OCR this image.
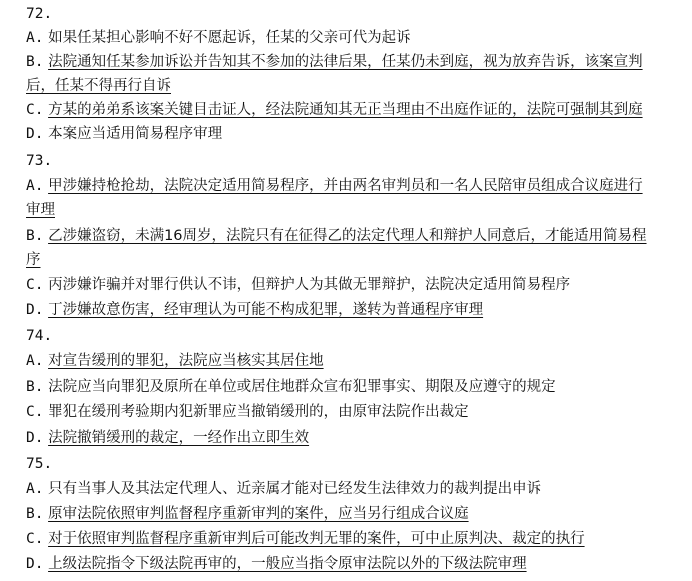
72.
A. 如果任某担心影响不好不愿起诉，任某的父亲可代为起诉
B. 法院通知任某参加诉讼并告知其不参加的法律后果，任某仍未到庭，视为放弃告诉，该案宣判
后，任某不得再行自诉
C. 方某的弟弟系该案关键目击证人，经法院通知其无正当理由不出庭作证的，法院可强制其到庭
D. 本案应当适用简易程序审理
73.
A. 甲涉嫌持枪抢劫，法院决定适用简易程序，并由两名审判员和一名人民陪审员组成合议庭进行
审理
B. 乙涉嫌盗窃，未满16周岁，法院只有在征得乙的法定代理人和辩护人同意后，才能适用简易程
序
C. 丙涉嫌诈骗并对罪行供认不讳，但辩护人为其做无罪辩护，法院决定适用简易程序
D. 丁涉嫌故意伤害，经审理认为可能不构成犯罪，遂转为普通程序审理
74.
A. 对宣告缓刑的罪犯，法院应当核实其居住地
B. 法院应当向罪犯及原所在单位或居住地群众宣布犯罪事实、期限及应遵守的规定
C. 罪犯在缓刑考验期内犯新罪应当撤销缓刑的，由原审法院作出裁定
D. 法院撤销缓刑的裁定，一经作出立即生效
75.
A. 只有当事人及其法定代理人、近亲属才能对已经发生法律效力的裁判提出申诉
B. 原审法院依照审判监督程序重新审判的案件，应当另行组成合议庭
C. 对于依照审判监督程序重新审判后可能改判无罪的案件，可中止原判决、裁定的执行
D. 上级法院指令下级法院再审的，一般应当指令原审法院以外的下级法院审理
